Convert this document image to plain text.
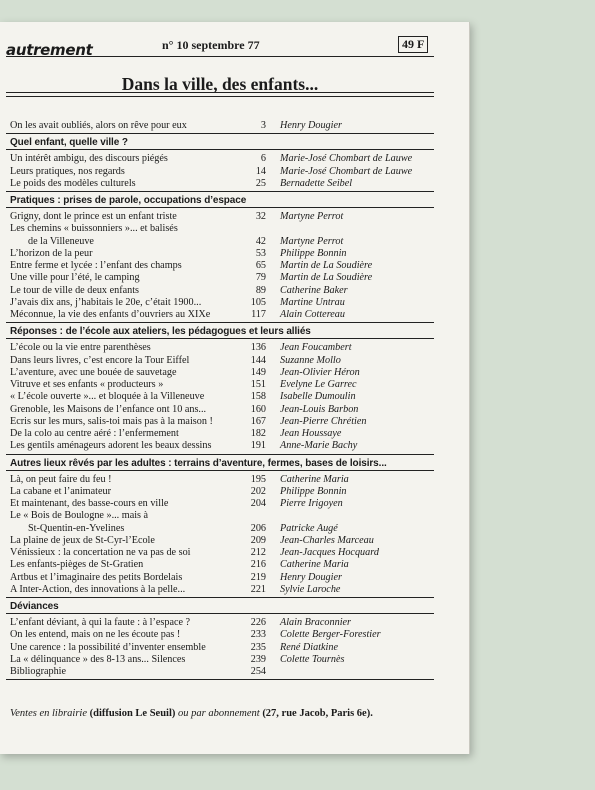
autrement	n° 10 septembre 77	49 F
Dans la ville, des enfants...
On les avait oubliés, alors on rêve pour eux	3 Henry Dougier
Quel enfant, quelle ville ?
Un intérêt ambigu, des discours piégés	6 Marie-José Chombart de Lauwe
Leurs pratiques, nos regards	14 Marie-José Chombart de Lauwe
Le poids des modèles culturels	25 Bernadette Seibel
Pratiques : prises de parole, occupations d’espace
Grigny, dont le prince est un enfant triste	32 Martyne Perrot
Les chemins « buissonniers »... et balisés
de la Villeneuve	42 Martyne Perrot
L’horizon de la peur	53 Philippe Bonnin
Entre ferme et lycée : l’enfant des champs	65 Martin de La Soudière
Une ville pour l’été, le camping	79 Martin de La Soudière
Le tour de ville de deux enfants	89 Catherine Baker
J’avais dix ans, j’habitais le 20e, c’était 1900...	105 Martine Untrau
Méconnue, la vie des enfants d’ouvriers au XIXe	117 Alain Cottereau
Réponses : de l’école aux ateliers, les pédagogues et leurs alliés
L’école ou la vie entre parenthèses	136 Jean Foucambert
Dans leurs livres, c’est encore la Tour Eiffel	144 Suzanne Mollo
L’aventure, avec une bouée de sauvetage	149 Jean-Olivier Héron
Vitruve et ses enfants « producteurs »	151 Evelyne Le Garrec
« L’école ouverte »... et bloquée à la Villeneuve	158 Isabelle Dumoulin
Grenoble, les Maisons de l’enfance ont 10 ans...	160 Jean-Louis Barbon
Ecris sur les murs, salis-toi mais pas à la maison !	167 Jean-Pierre Chrétien
De la colo au centre aéré : l’enfermement	182 Jean Houssaye
Les gentils aménageurs adorent les beaux dessins	191 Anne-Marie Bachy
Autres lieux rêvés par les adultes : terrains d’aventure, fermes, bases de loisirs...
Là, on peut faire du feu !	195 Catherine Maria
La cabane et l’animateur	202 Philippe Bonnin
Et maintenant, des basse-cours en ville	204 Pierre Irigoyen
Le « Bois de Boulogne »... mais à
St-Quentin-en-Yvelines	206 Patricke Augé
La plaine de jeux de St-Cyr-l’Ecole	209 Jean-Charles Marceau
Vénissieux : la concertation ne va pas de soi	212 Jean-Jacques Hocquard
Les enfants-pièges de St-Gratien	216 Catherine Maria
Artbus et l’imaginaire des petits Bordelais	219 Henry Dougier
A Inter-Action, des innovations à la pelle...	221 Sylvie Laroche
Déviances
L’enfant déviant, à qui la faute : à l’espace ?	226 Alain Braconnier
On les entend, mais on ne les écoute pas !	233 Colette Berger-Forestier
Une carence : la possibilité d’inventer ensemble	235 René Diatkine
La « délinquance » des 8-13 ans... Silences	239 Colette Tournès
Bibliographie	254
Ventes en librairie (diffusion Le Seuil) ou par abonnement (27, rue Jacob, Paris 6e).
